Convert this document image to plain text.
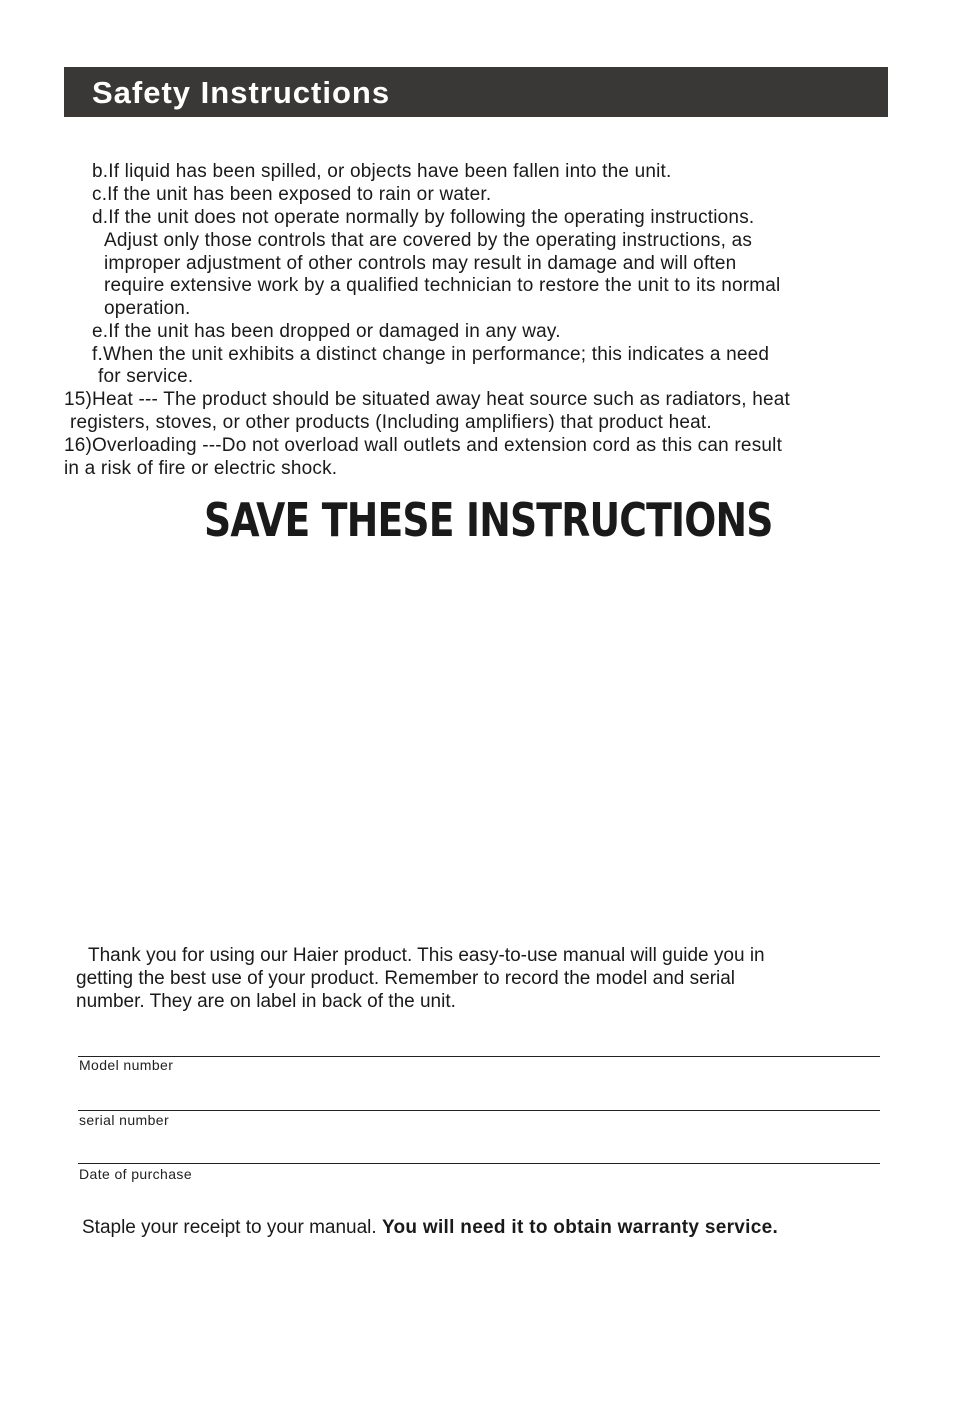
Safety Instructions
b.If liquid has been spilled, or objects have been fallen into the unit.
c.If the unit has been exposed to rain or water.
d.If the unit does not operate normally by following the operating instructions.
Adjust only those controls that are covered by the operating instructions, as
improper adjustment of other controls may result in damage and will often
require extensive work by a qualified technician to restore the unit to its normal
operation.
e.If the unit has been dropped or damaged in any way.
f.When the unit exhibits a distinct change in performance; this indicates a need
for service.
15)Heat --- The product should be situated away heat source such as radiators, heat
registers, stoves, or other products (Including amplifiers) that product heat.
16)Overloading ---Do not overload wall outlets and extension cord as this can result
in a risk of fire or electric shock.
SAVE THESE INSTRUCTIONS
Thank you for using our Haier product. This easy-to-use manual will guide you in
getting the best use of your product. Remember to record the model and serial
number. They are on label in back of the unit.
Model number
serial number
Date of purchase
Staple your receipt to your manual. You will need it to obtain warranty service.
